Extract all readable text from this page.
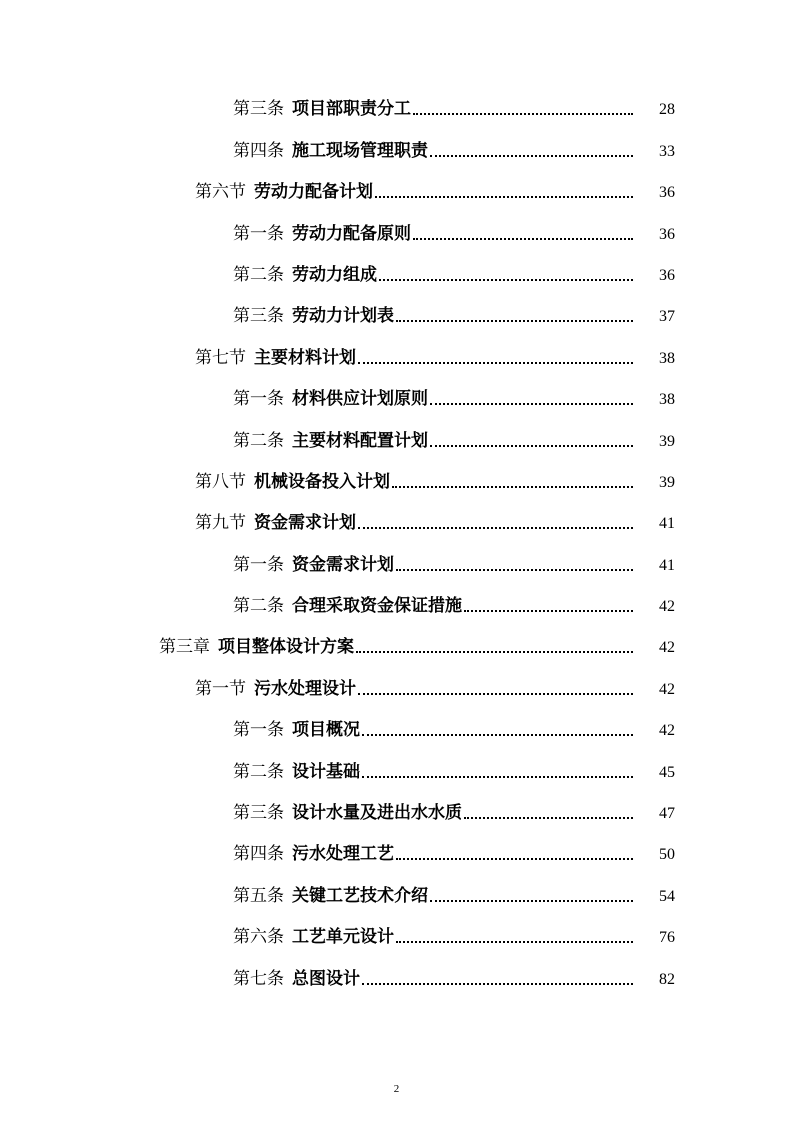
第三条 项目部职责分工	28
第四条 施工现场管理职责	33
第六节 劳动力配备计划	36
第一条 劳动力配备原则	36
第二条 劳动力组成	36
第三条 劳动力计划表	37
第七节 主要材料计划	38
第一条 材料供应计划原则	38
第二条 主要材料配置计划	39
第八节 机械设备投入计划	39
第九节 资金需求计划	41
第一条 资金需求计划	41
第二条 合理采取资金保证措施	42
第三章 项目整体设计方案	42
第一节 污水处理设计	42
第一条 项目概况	42
第二条 设计基础	45
第三条 设计水量及进出水水质	47
第四条 污水处理工艺	50
第五条 关键工艺技术介绍	54
第六条 工艺单元设计	76
第七条 总图设计	82
2
